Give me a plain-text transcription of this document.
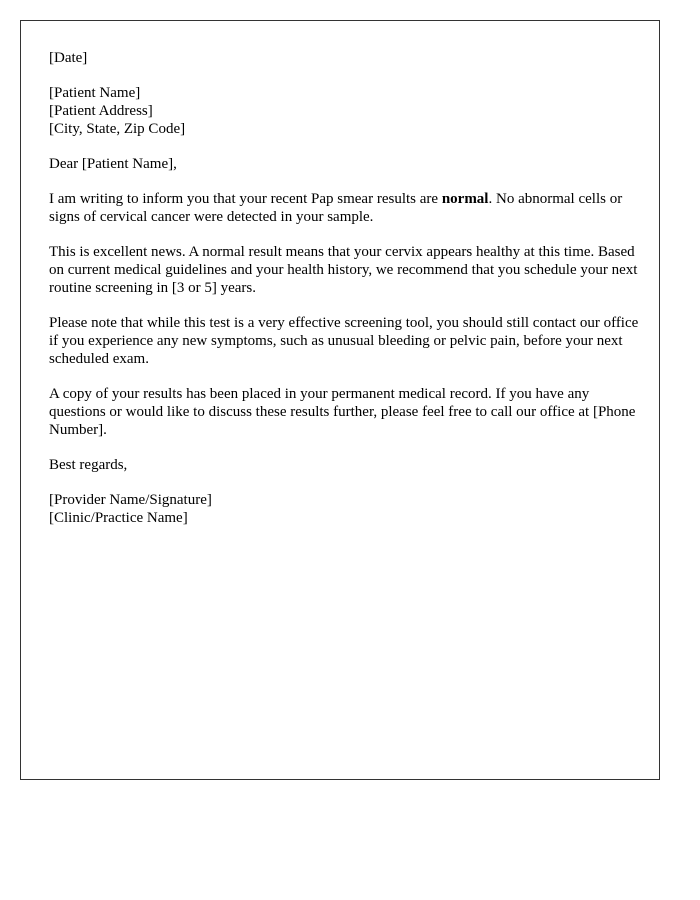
[Date]

[Patient Name]
[Patient Address]
[City, State, Zip Code]

Dear [Patient Name],

I am writing to inform you that your recent Pap smear results are normal. No abnormal cells or signs of cervical cancer were detected in your sample.

This is excellent news. A normal result means that your cervix appears healthy at this time. Based on current medical guidelines and your health history, we recommend that you schedule your next routine screening in [3 or 5] years.

Please note that while this test is a very effective screening tool, you should still contact our office if you experience any new symptoms, such as unusual bleeding or pelvic pain, before your next scheduled exam.

A copy of your results has been placed in your permanent medical record. If you have any questions or would like to discuss these results further, please feel free to call our office at [Phone Number].

Best regards,

[Provider Name/Signature]
[Clinic/Practice Name]
